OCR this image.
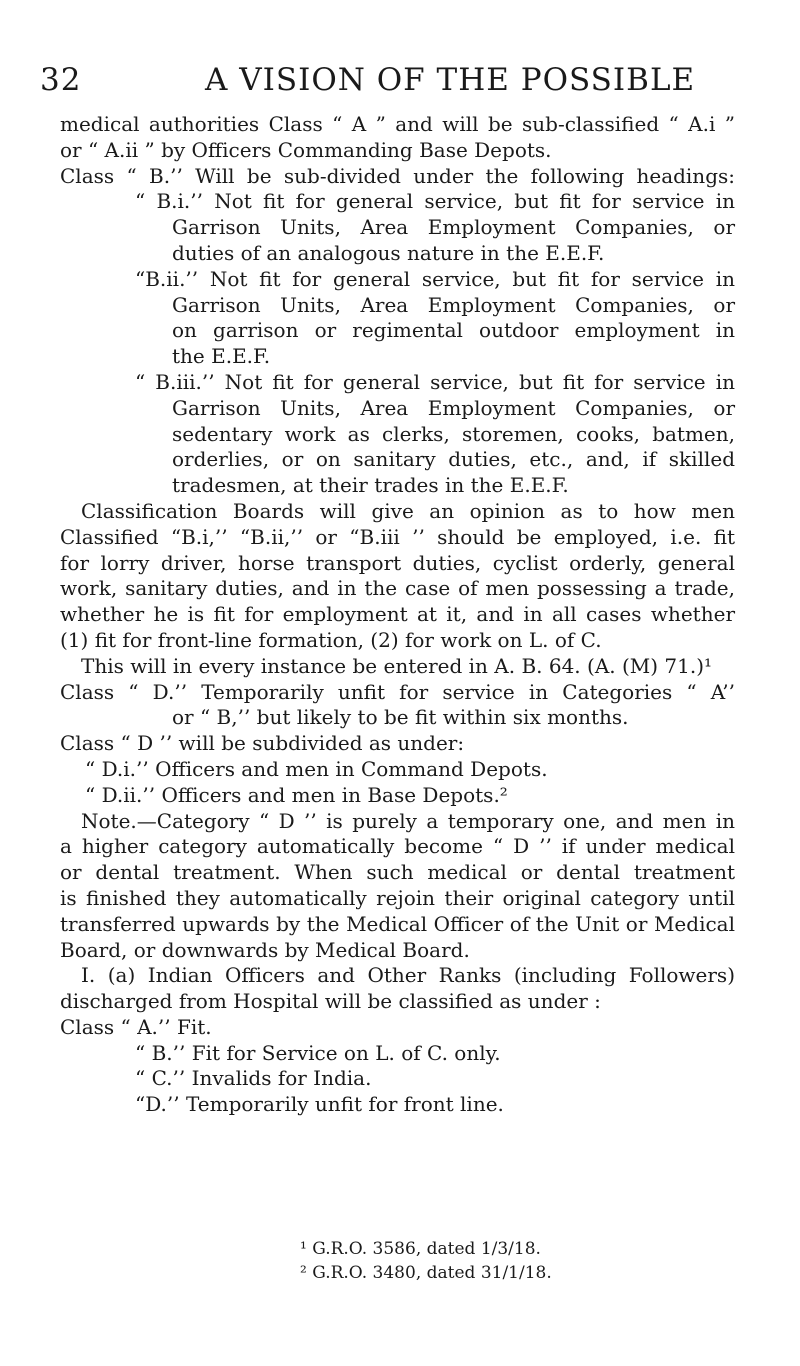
32	A VISION OF THE POSSIBLE
medical authorities Class “ A ” and will be sub-classified “ A.i ”
or “ A.ii ” by Officers Commanding Base Depots.
Class “ B.’’ Will be sub-divided under the following headings:
“ B.i.’’ Not fit for general service, but fit for service in
Garrison Units, Area Employment Companies, or
duties of an analogous nature in the E.E.F.
“B.ii.’’ Not fit for general service, but fit for service in
Garrison Units, Area Employment Companies, or
on garrison or regimental outdoor employment in
the E.E.F.
“ B.iii.’’ Not fit for general service, but fit for service in
Garrison Units, Area Employment Companies, or
sedentary work as clerks, storemen, cooks, batmen,
orderlies, or on sanitary duties, etc., and, if skilled
tradesmen, at their trades in the E.E.F.
Classification Boards will give an opinion as to how men
Classified “B.i,’’ “B.ii,’’ or “B.iii ’’ should be employed, i.e. fit
for lorry driver, horse transport duties, cyclist orderly, general
work, sanitary duties, and in the case of men possessing a trade,
whether he is fit for employment at it, and in all cases whether
(1) fit for front-line formation, (2) for work on L. of C.
This will in every instance be entered in A. B. 64. (A. (M) 71.)¹
Class “ D.’’ Temporarily unfit for service in Categories “ A’’
or “ B,’’ but likely to be fit within six months.
Class “ D ’’ will be subdivided as under:
“ D.i.’’ Officers and men in Command Depots.
“ D.ii.’’ Officers and men in Base Depots.²
Note.—Category “ D ’’ is purely a temporary one, and men in
a higher category automatically become “ D ’’ if under medical
or dental treatment. When such medical or dental treatment
is finished they automatically rejoin their original category until
transferred upwards by the Medical Officer of the Unit or Medical
Board, or downwards by Medical Board.
I. (a) Indian Officers and Other Ranks (including Followers)
discharged from Hospital will be classified as under :
Class “ A.’’ Fit.
“ B.’’ Fit for Service on L. of C. only.
“ C.’’ Invalids for India.
“D.’’ Temporarily unfit for front line.
¹ G.R.O. 3586, dated 1/3/18.
² G.R.O. 3480, dated 31/1/18.
